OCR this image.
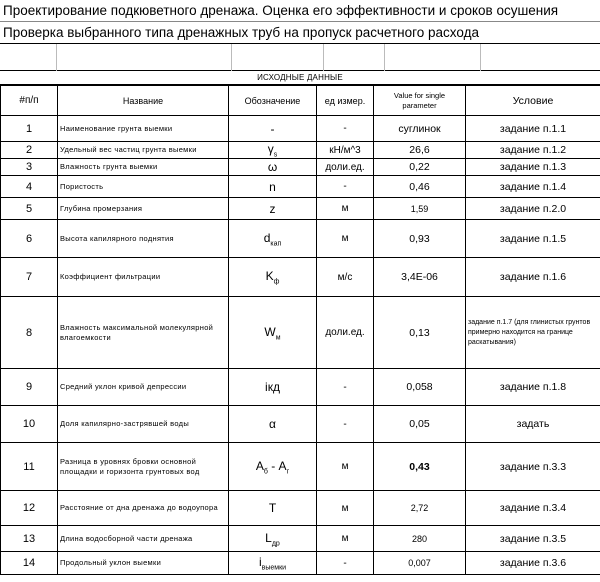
Проектирование подкюветного дренажа. Оценка его эффективности и сроков осушения
Проверка выбранного типа дренажных труб на пропуск расчетного расхода
ИСХОДНЫЕ ДАННЫЕ
#п/п	Название	Обозначение	ед измер.	Value for single parameter	Условие
1	Наименование грунта выемки	-	-	суглинок	задание п.1.1
2	Удельный вес частиц грунта выемки	$\gamma_s$	кН/м^3	26,6	задание п.1.2
3	Влажность грунта выемки	ω	доли.ед.	0,22	задание п.1.3
4	Пористость	n	-	0,46	задание п.1.4
5	Глубина промерзания	z	м	1,59	задание п.2.0
6	Высота капилярного поднятия	$d_{кап}$	м	0,93	задание п.1.5
7	Коэффициент фильтрации	$K_ф$	м/с	3,4E-06	задание п.1.6
8	Влажность максимальной молекулярной влагоемкости	$W_м$	доли.ед.	0,13	задание п.1.7 (для глинистых грунтов примерно находится на границе раскатывания)
9	Средний уклон кривой депрессии	iкд	-	0,058	задание п.1.8
10	Доля капилярно-застрявшей воды	α	-	0,05	задать
11	Разница в уровнях бровки основной площадки и горизонта грунтовых вод	$А_б - А_г$	м	0,43	задание п.3.3
12	Расстояние от дна дренажа до водоупора	T	м	2,72	задание п.3.4
13	Длина водосборной части дренажа	$L_{др}$	м	280	задание п.3.5
14	Продольный уклон выемки	$i_{выемки}$	-	0,007	задание п.3.6
